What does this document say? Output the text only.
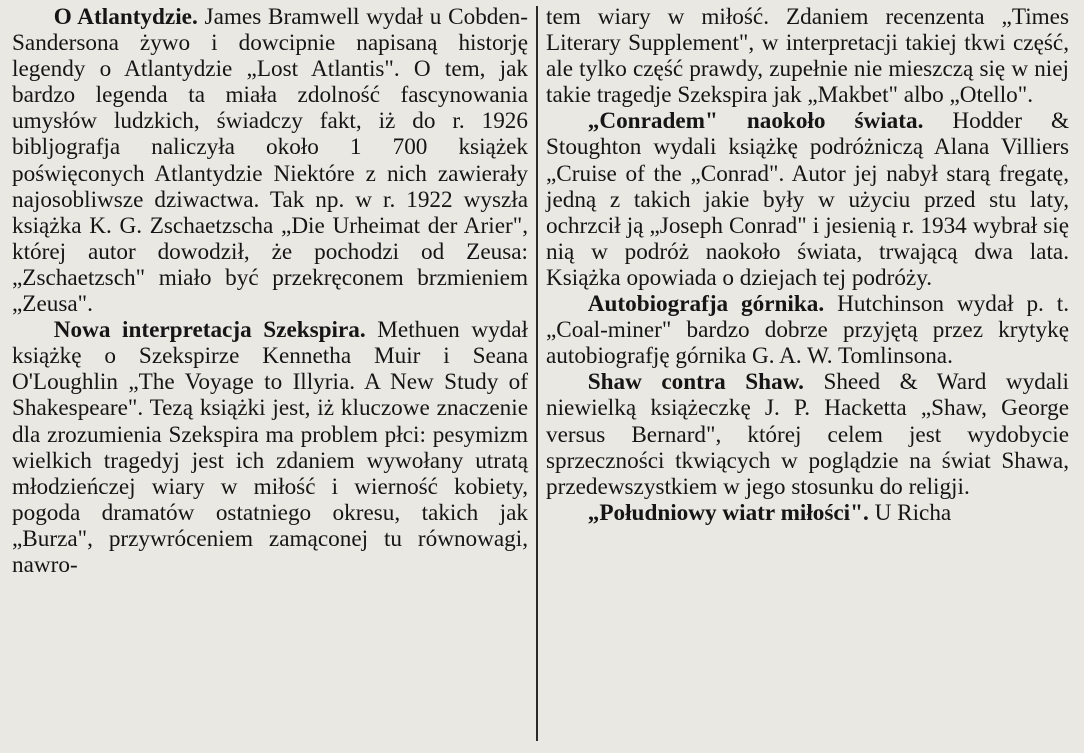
O Atlantydzie. James Bramwell wydał u Cobden-Sandersona żywo i dowcipnie napisaną historję legendy o Atlantydzie „Lost Atlantis". O tem, jak bardzo legenda ta miała zdolność fascynowania umysłów ludzkich, świadczy fakt, iż do r. 1926 bibljografja naliczyła około 1 700 książek poświęconych Atlantydzie Niektóre z nich zawierały najosobliwsze dziwactwa. Tak np. w r. 1922 wyszła książka K. G. Zschaetzscha „Die Urheimat der Arier", której autor dowodził, że pochodzi od Zeusa: „Zschaetzsch" miało być przekręconem brzmieniem „Zeusa".

Nowa interpretacja Szekspira. Methuen wydał książkę o Szekspirze Kennetha Muir i Seana O'Loughlin „The Voyage to Illyria. A New Study of Shakespeare". Tezą książki jest, iż kluczowe znaczenie dla zrozumienia Szekspira ma problem płci: pesymizm wielkich tragedyj jest ich zdaniem wywołany utratą młodzieńczej wiary w miłość i wierność kobiety, pogoda dramatów ostatniego okresu, takich jak „Burza", przywróceniem zamąconej tu równowagi, nawro-

tem wiary w miłość. Zdaniem recenzenta „Times Literary Supplement", w interpretacji takiej tkwi część, ale tylko część prawdy, zupełnie nie mieszczą się w niej takie tragedje Szekspira jak „Makbet" albo „Otello".

„Conradem" naokoło świata. Hodder & Stoughton wydali książkę podróżniczą Alana Villiers „Cruise of the „Conrad". Autor jej nabył starą fregatę, jedną z takich jakie były w użyciu przed stu laty, ochrzcił ją „Joseph Conrad" i jesienią r. 1934 wybrał się nią w podróż naokoło świata, trwającą dwa lata. Książka opowiada o dziejach tej podróży.

Autobiografja górnika. Hutchinson wydał p. t. „Coal-miner" bardzo dobrze przyjętą przez krytykę autobiografję górnika G. A. W. Tomlinsona.

Shaw contra Shaw. Sheed & Ward wydali niewielką książeczkę J. P. Hacketta „Shaw, George versus Bernard", której celem jest wydobycie sprzeczności tkwiących w poglądzie na świat Shawa, przedewszystkiem w jego stosunku do religji.

„Południowy wiatr miłości". U Richa
